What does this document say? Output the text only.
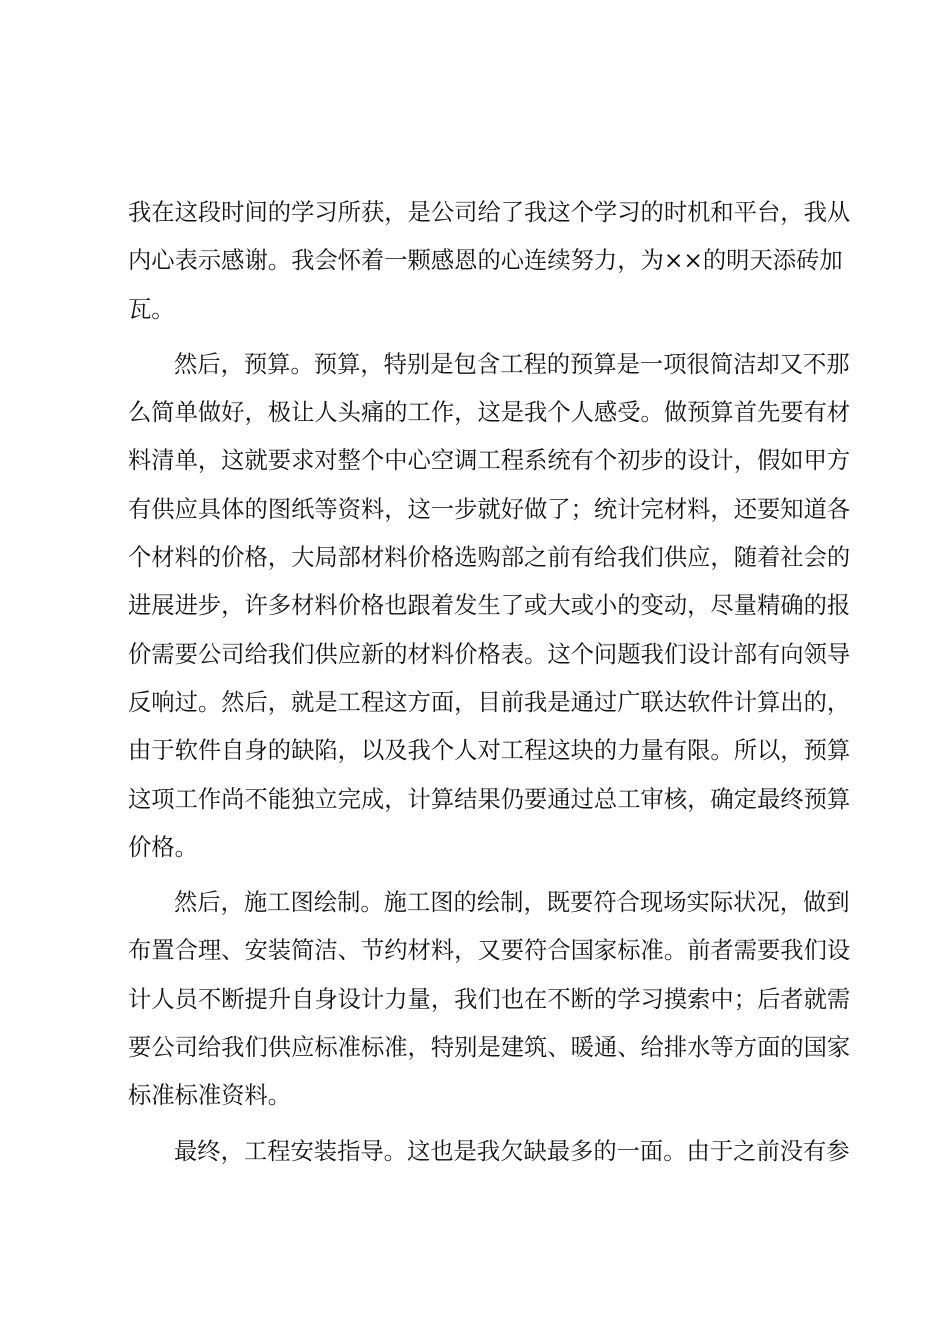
我在这段时间的学习所获，是公司给了我这个学习的时机和平台，我从
内心表示感谢。我会怀着一颗感恩的心连续努力，为××的明天添砖加
瓦。
然后，预算。预算，特别是包含工程的预算是一项很简洁却又不那
么简单做好，极让人头痛的工作，这是我个人感受。做预算首先要有材
料清单，这就要求对整个中心空调工程系统有个初步的设计，假如甲方
有供应具体的图纸等资料，这一步就好做了；统计完材料，还要知道各
个材料的价格，大局部材料价格选购部之前有给我们供应，随着社会的
进展进步，许多材料价格也跟着发生了或大或小的变动，尽量精确的报
价需要公司给我们供应新的材料价格表。这个问题我们设计部有向领导
反响过。然后，就是工程这方面，目前我是通过广联达软件计算出的，
由于软件自身的缺陷，以及我个人对工程这块的力量有限。所以，预算
这项工作尚不能独立完成，计算结果仍要通过总工审核，确定最终预算
价格。
然后，施工图绘制。施工图的绘制，既要符合现场实际状况，做到
布置合理、安装简洁、节约材料，又要符合国家标准。前者需要我们设
计人员不断提升自身设计力量，我们也在不断的学习摸索中；后者就需
要公司给我们供应标准标准，特别是建筑、暖通、给排水等方面的国家
标准标准资料。
最终，工程安装指导。这也是我欠缺最多的一面。由于之前没有参
